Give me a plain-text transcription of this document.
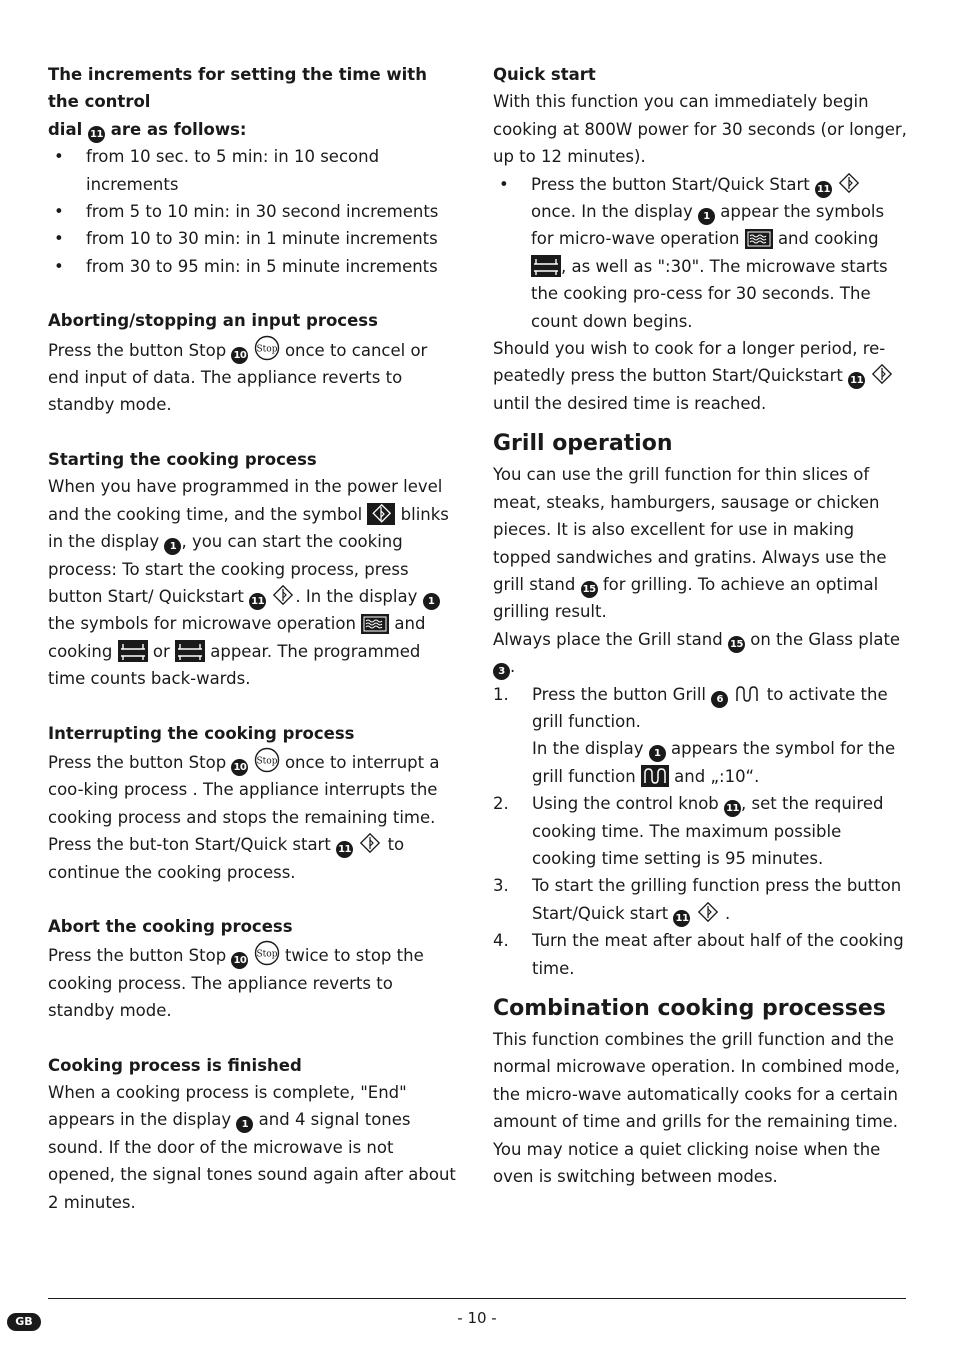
The increments for setting the time with the control
dial 11 are as follows:

•	from 10 sec. to 5 min: in 10 second increments
•	from 5 to 10 min: in 30 second increments
•	from 10 to 30 min: in 1 minute increments
•	from 30 to 95 min: in 5 minute increments

Aborting/stopping an input process

Press the button Stop 10 once to cancel or end input of data. The appliance reverts to standby mode.

Starting the cooking process

When you have programmed in the power level and the cooking time, and the symbol blinks in the display 1 , you can start the cooking process: To start the cooking process, press button Start/ Quickstart 11 . In the display 1 the symbols for microwave operation and cooking or appear. The programmed time counts back-wards.

Interrupting the cooking process

Press the button Stop 10 once to interrupt a coo-king process . The appliance interrupts the cooking process and stops the remaining time. Press the but-ton Start/Quick start 11 to continue the cooking process.

Abort the cooking process

Press the button Stop 10 twice to stop the cooking process. The appliance reverts to standby mode.

Cooking process is finished

When a cooking process is complete, "End" appears in the display 1 and 4 signal tones sound. If the door of the microwave is not opened, the signal tones sound again after about 2 minutes.

Quick start

With this function you can immediately begin cooking at 800W power for 30 seconds (or longer, up to 12 minutes).

•	Press the button Start/Quick Start 11  once. In the display 1 appear the symbols for micro-wave operation and cooking , as well as ":30". The microwave starts the cooking pro-cess for 30 seconds. The count down begins.

Should you wish to cook for a longer period, re-peatedly press the button Start/Quickstart 11  until the desired time is reached.

Grill operation

You can use the grill function for thin slices of meat, steaks, hamburgers, sausage or chicken pieces. It is also excellent for use in making topped sandwiches and gratins. Always use the grill stand 15 for grilling. To achieve an optimal grilling result.

Always place the Grill stand 15 on the Glass plate 3 .

1.	Press the button Grill 6	to activate the grill function.
In the display 1 appears the symbol for the grill function and „:10“.
2.	Using the control knob 11 , set the required cooking time. The maximum possible cooking time setting is 95 minutes.
3.	To start the grilling function press the button Start/Quick start 11 .
4.	Turn the meat after about half of the cooking time.

Combination cooking processes

This function combines the grill function and the normal microwave operation. In combined mode, the micro-wave automatically cooks for a certain amount of time and grills for the remaining time. You may notice a quiet clicking noise when the oven is switching between modes.

GB	- 10 -
